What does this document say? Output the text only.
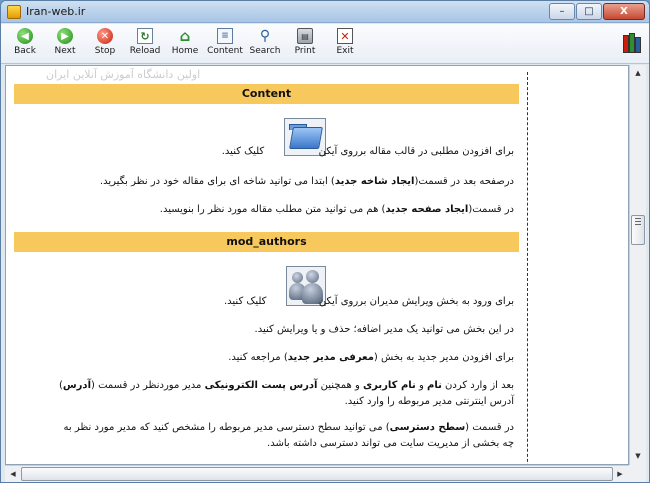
Iran-web.ir	–	□	X
◀
Back
▶
Next
✕
Stop
↻
Reload
⌂
Home
≡
Content
⚲
Search
▤
Print
✕
Exit
اولین دانشگاه آموزش آنلاین ایران
Content
برای افزودن مطلبی در قالب مقاله برروی آیکن  کلیک کنید.
درصفحه بعد در قسمت(ایجاد شاخه جدید) ابتدا می توانید شاخه ای برای مقاله خود در نظر بگیرید.
در قسمت(ایجاد صفحه جدید) هم می توانید متن مطلب مقاله مورد نظر را بنویسید.
mod_authors
برای ورود به بخش ویرایش مدیران برروی آیکن  کلیک کنید.
در این بخش می توانید یک مدیر اضافه؛ حذف و یا ویرایش کنید.
برای افزودن مدیر جدید به بخش (معرفی مدیر جدید) مراجعه کنید.
بعد از وارد کردن نام و نام کاربری و همچنین آدرس پست الکترونیکی مدیر موردنظر در قسمت (آدرس) آدرس اینترنتی مدیر مربوطه را وارد کنید.
در قسمت (سطح دسترسی) می توانید سطح دسترسی مدیر مربوطه را مشخص کنید که مدیر مورد نظر به چه بخشی از مدیریت سایت می تواند دسترسی داشته باشد.
▲
▼
◀	▶
